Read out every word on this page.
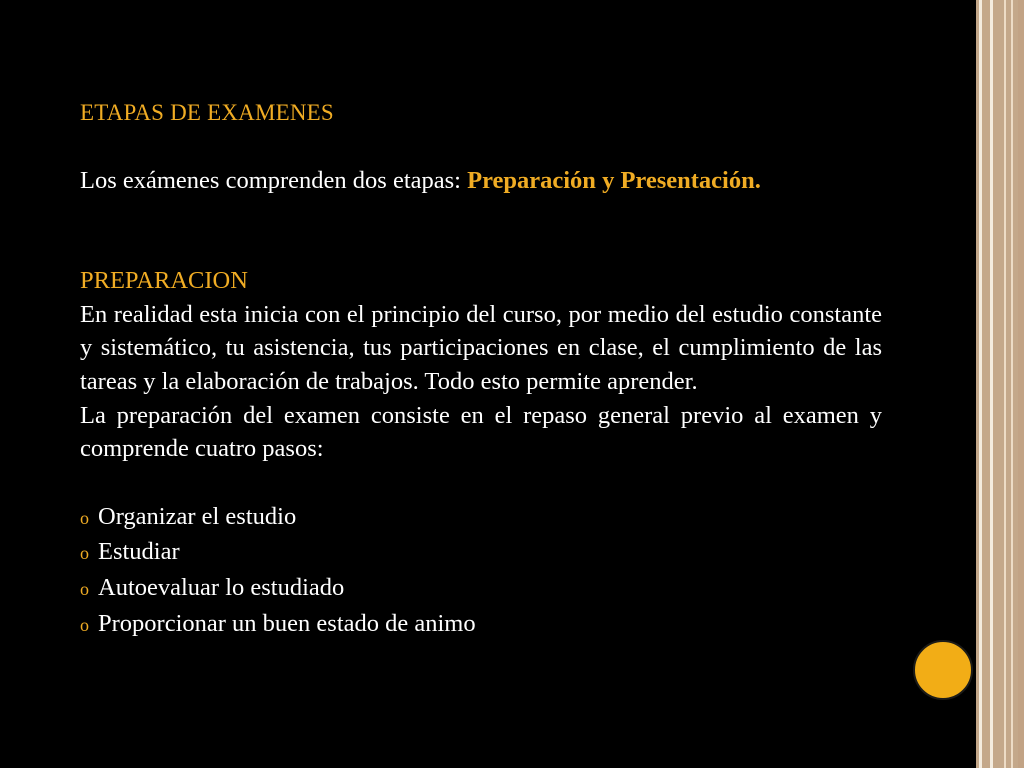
ETAPAS DE EXAMENES

Los exámenes comprenden dos etapas: Preparación y Presentación.

PREPARACION

En realidad esta inicia con el principio del curso, por medio del estudio constante y sistemático, tu asistencia, tus participaciones en clase, el cumplimiento de las tareas y la elaboración de trabajos. Todo esto permite aprender.

La preparación del examen consiste en el repaso general previo al examen y comprende cuatro pasos:

o Organizar el estudio
o Estudiar
o Autoevaluar lo estudiado
o Proporcionar un buen estado de animo
